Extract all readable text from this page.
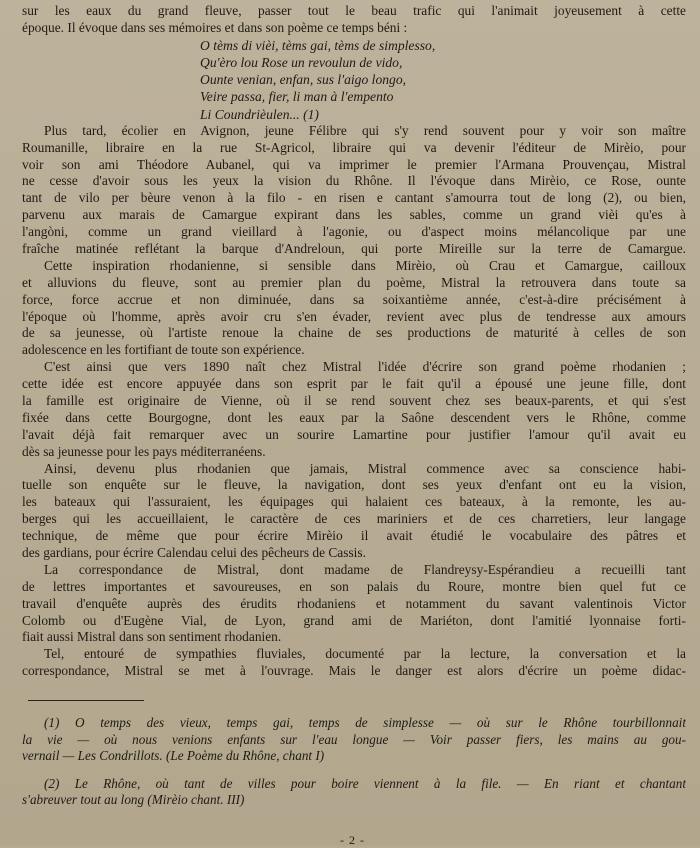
sur les eaux du grand fleuve, passer tout le beau trafic qui l'animait joyeusement à cette
époque. Il évoque dans ses mémoires et dans son poème ce temps béni :
O tèms di vièi, tèms gai, tèms de simplesso,
Qu'èro lou Rose un revoulun de vido,
Ounte venian, enfan, sus l'aigo longo,
Veire passa, fier, li man à l'empento
Li Coundrièulen... (1)
Plus tard, écolier en Avignon, jeune Félibre qui s'y rend souvent pour y voir son maître
Roumanille, libraire en la rue St-Agricol, libraire qui va devenir l'éditeur de Mirèio, pour
voir son ami Théodore Aubanel, qui va imprimer le premier l'Armana Prouvençau, Mistral
ne cesse d'avoir sous les yeux la vision du Rhône. Il l'évoque dans Mirèio, ce Rose, ounte
tant de vilo per bèure venon à la filo - en risen e cantant s'amourra tout de long (2), ou bien,
parvenu aux marais de Camargue expirant dans les sables, comme un grand vièi qu'es à
l'angòni, comme un grand vieillard à l'agonie, ou d'aspect moins mélancolique par une
fraîche matinée reflétant la barque d'Andreloun, qui porte Mireille sur la terre de Camargue.
Cette inspiration rhodanienne, si sensible dans Mirèio, où Crau et Camargue, cailloux
et alluvions du fleuve, sont au premier plan du poème, Mistral la retrouvera dans toute sa
force, force accrue et non diminuée, dans sa soixantième année, c'est-à-dire précisément à
l'époque où l'homme, après avoir cru s'en évader, revient avec plus de tendresse aux amours
de sa jeunesse, où l'artiste renoue la chaine de ses productions de maturité à celles de son
adolescence en les fortifiant de toute son expérience.
C'est ainsi que vers 1890 naît chez Mistral l'idée d'écrire son grand poème rhodanien ;
cette idée est encore appuyée dans son esprit par le fait qu'il a épousé une jeune fille, dont
la famille est originaire de Vienne, où il se rend souvent chez ses beaux-parents, et qui s'est
fixée dans cette Bourgogne, dont les eaux par la Saône descendent vers le Rhône, comme
l'avait déjà fait remarquer avec un sourire Lamartine pour justifier l'amour qu'il avait eu
dès sa jeunesse pour les pays méditerranéens.
Ainsi, devenu plus rhodanien que jamais, Mistral commence avec sa conscience habi-
tuelle son enquête sur le fleuve, la navigation, dont ses yeux d'enfant ont eu la vision,
les bateaux qui l'assuraient, les équipages qui halaient ces bateaux, à la remonte, les au-
berges qui les accueillaient, le caractère de ces mariniers et de ces charretiers, leur langage
technique, de même que pour écrire Mirèio il avait étudié le vocabulaire des pâtres et
des gardians, pour écrire Calendau celui des pêcheurs de Cassis.
La correspondance de Mistral, dont madame de Flandreysy-Espérandieu a recueilli tant
de lettres importantes et savoureuses, en son palais du Roure, montre bien quel fut ce
travail d'enquête auprès des érudits rhodaniens et notamment du savant valentinois Victor
Colomb ou d'Eugène Vial, de Lyon, grand ami de Mariéton, dont l'amitié lyonnaise forti-
fiait aussi Mistral dans son sentiment rhodanien.
Tel, entouré de sympathies fluviales, documenté par la lecture, la conversation et la
correspondance, Mistral se met à l'ouvrage. Mais le danger est alors d'écrire un poème didac-
(1) O temps des vieux, temps gai, temps de simplesse — où sur le Rhône tourbillonnait
la vie — où nous venions enfants sur l'eau longue — Voir passer fiers, les mains au gou-
vernail — Les Condrillots. (Le Poème du Rhône, chant I)
(2) Le Rhône, où tant de villes pour boire viennent à la file. — En riant et chantant
s'abreuver tout au long (Mirèio chant. III)
- 2 -
